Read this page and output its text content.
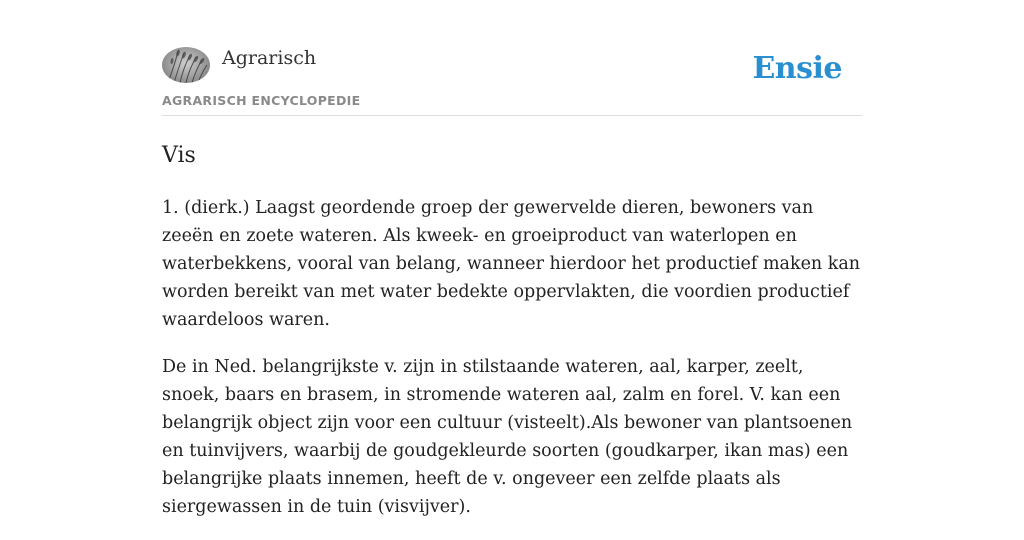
Agrarisch
AGRARISCH ENCYCLOPEDIE
Ensie
Vis

1. (dierk.) Laagst geordende groep der gewervelde dieren, bewoners van zeeën en zoete wateren. Als kweek- en groeiproduct van waterlopen en waterbekkens, vooral van belang, wanneer hierdoor het productief maken kan worden bereikt van met water bedekte oppervlakten, die voordien productief waardeloos waren.

De in Ned. belangrijkste v. zijn in stilstaande wateren, aal, karper, zeelt, snoek, baars en brasem, in stromende wateren aal, zalm en forel. V. kan een belangrijk object zijn voor een cultuur (visteelt).Als bewoner van plantsoenen en tuinvijvers, waarbij de goudgekleurde soorten (goudkarper, ikan mas) een belangrijke plaats innemen, heeft de v. ongeveer een zelfde plaats als siergewassen in de tuin (visvijver).
